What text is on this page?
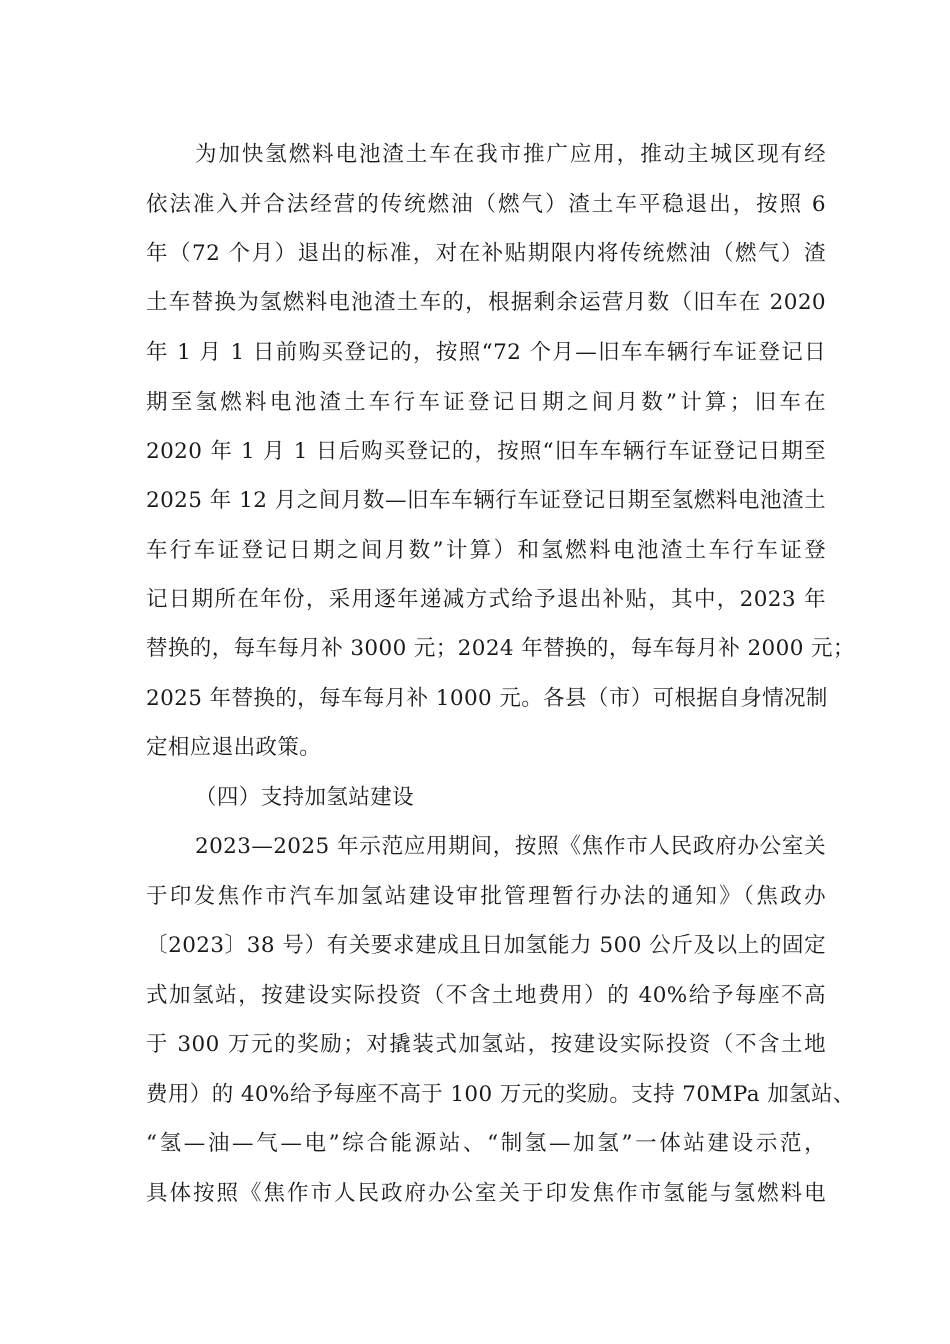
为加快氢燃料电池渣土车在我市推广应用，推动主城区现有经
依法准入并合法经营的传统燃油（燃气）渣土车平稳退出，按照 6
年（72 个月）退出的标准，对在补贴期限内将传统燃油（燃气）渣
土车替换为氢燃料电池渣土车的，根据剩余运营月数（旧车在 2020
年 1 月 1 日前购买登记的，按照“72 个月—旧车车辆行车证登记日
期至氢燃料电池渣土车行车证登记日期之间月数”计算；旧车在
2020 年 1 月 1 日后购买登记的，按照“旧车车辆行车证登记日期至
2025 年 12 月之间月数—旧车车辆行车证登记日期至氢燃料电池渣土
车行车证登记日期之间月数”计算）和氢燃料电池渣土车行车证登
记日期所在年份，采用逐年递减方式给予退出补贴，其中，2023 年
替换的，每车每月补 3000 元；2024 年替换的，每车每月补 2000 元；
2025 年替换的，每车每月补 1000 元。各县（市）可根据自身情况制
定相应退出政策。
（四）支持加氢站建设
2023—2025 年示范应用期间，按照《焦作市人民政府办公室关
于印发焦作市汽车加氢站建设审批管理暂行办法的通知》（焦政办
〔2023〕38 号）有关要求建成且日加氢能力 500 公斤及以上的固定
式加氢站，按建设实际投资（不含土地费用）的 40%给予每座不高
于 300 万元的奖励；对撬装式加氢站，按建设实际投资（不含土地
费用）的 40%给予每座不高于 100 万元的奖励。支持 70MPa 加氢站、
“氢—油—气—电”综合能源站、“制氢—加氢”一体站建设示范，
具体按照《焦作市人民政府办公室关于印发焦作市氢能与氢燃料电
